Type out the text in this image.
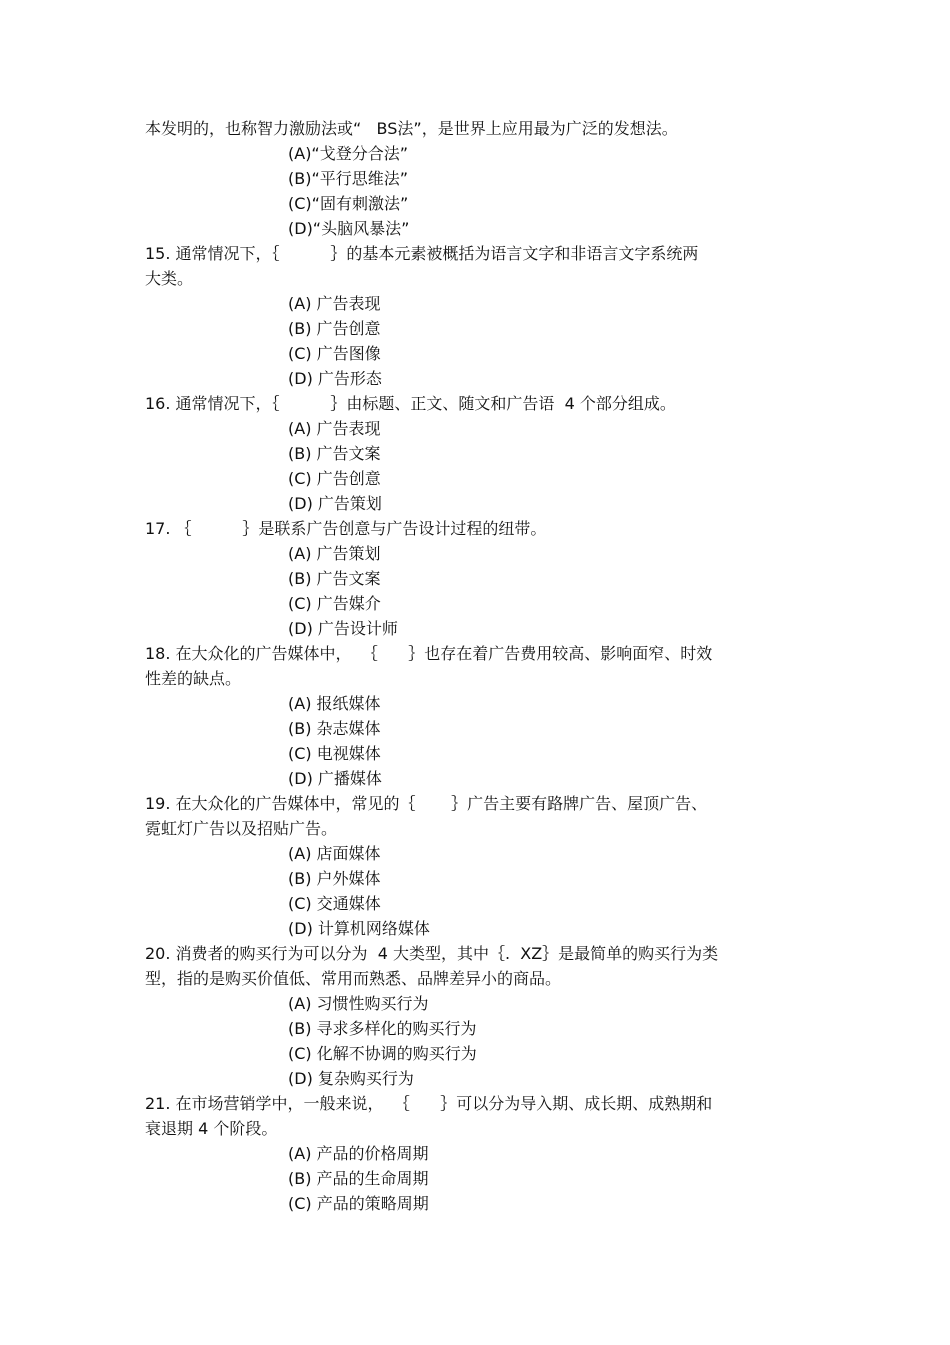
本发明的，也称智力激励法或“   BS法”，是世界上应用最为广泛的发想法。
(A)“戈登分合法”
(B)“平行思维法”
(C)“固有刺激法”
(D)“头脑风暴法”
15. 通常情况下，｛          ｝的基本元素被概括为语言文字和非语言文字系统两
大类。
(A) 广告表现
(B) 广告创意
(C) 广告图像
(D) 广告形态
16. 通常情况下，｛          ｝由标题、正文、随文和广告语  4 个部分组成。
(A) 广告表现
(B) 广告文案
(C) 广告创意
(D) 广告策划
17. ｛          ｝是联系广告创意与广告设计过程的纽带。
(A) 广告策划
(B) 广告文案
(C) 广告媒介
(D) 广告设计师
18. 在大众化的广告媒体中，  ｛      ｝也存在着广告费用较高、影响面窄、时效
性差的缺点。
(A) 报纸媒体
(B) 杂志媒体
(C) 电视媒体
(D) 广播媒体
19. 在大众化的广告媒体中，常见的｛       ｝广告主要有路牌广告、屋顶广告、
霓虹灯广告以及招贴广告。
(A) 店面媒体
(B) 户外媒体
(C) 交通媒体
(D) 计算机网络媒体
20. 消费者的购买行为可以分为  4 大类型，其中｛.  XZ｝是最简单的购买行为类
型，指的是购买价值低、常用而熟悉、品牌差异小的商品。
(A) 习惯性购买行为
(B) 寻求多样化的购买行为
(C) 化解不协调的购买行为
(D) 复杂购买行为
21. 在市场营销学中，一般来说，  ｛      ｝可以分为导入期、成长期、成熟期和
衰退期 4 个阶段。
(A) 产品的价格周期
(B) 产品的生命周期
(C) 产品的策略周期
